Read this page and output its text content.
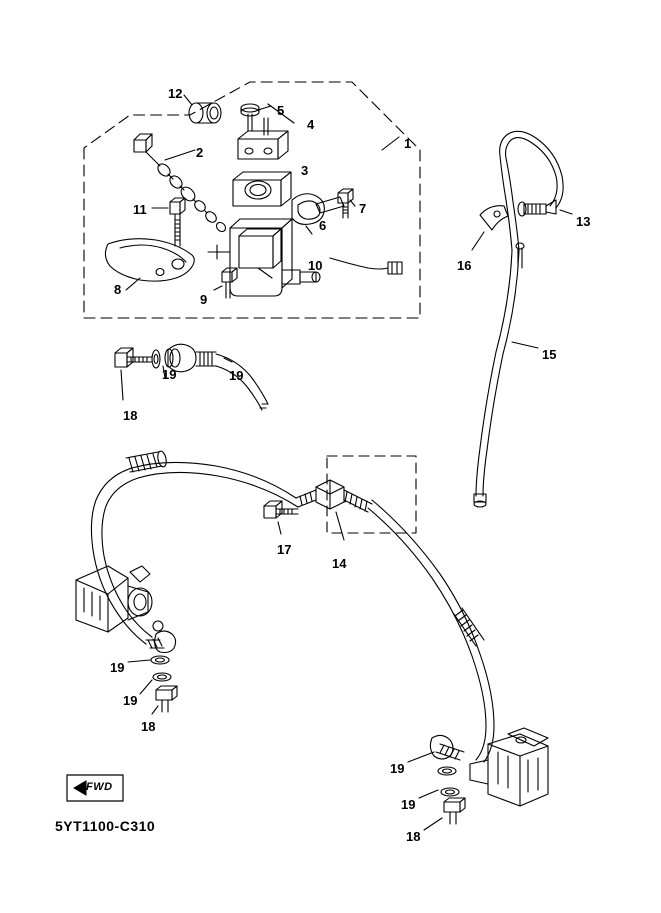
FWD
5YT1100-C310
12
5
4
1
2
3
11	7
13
6
16
10
8
9
19
15
19
18
17
14
19
19
18
19
19
18
